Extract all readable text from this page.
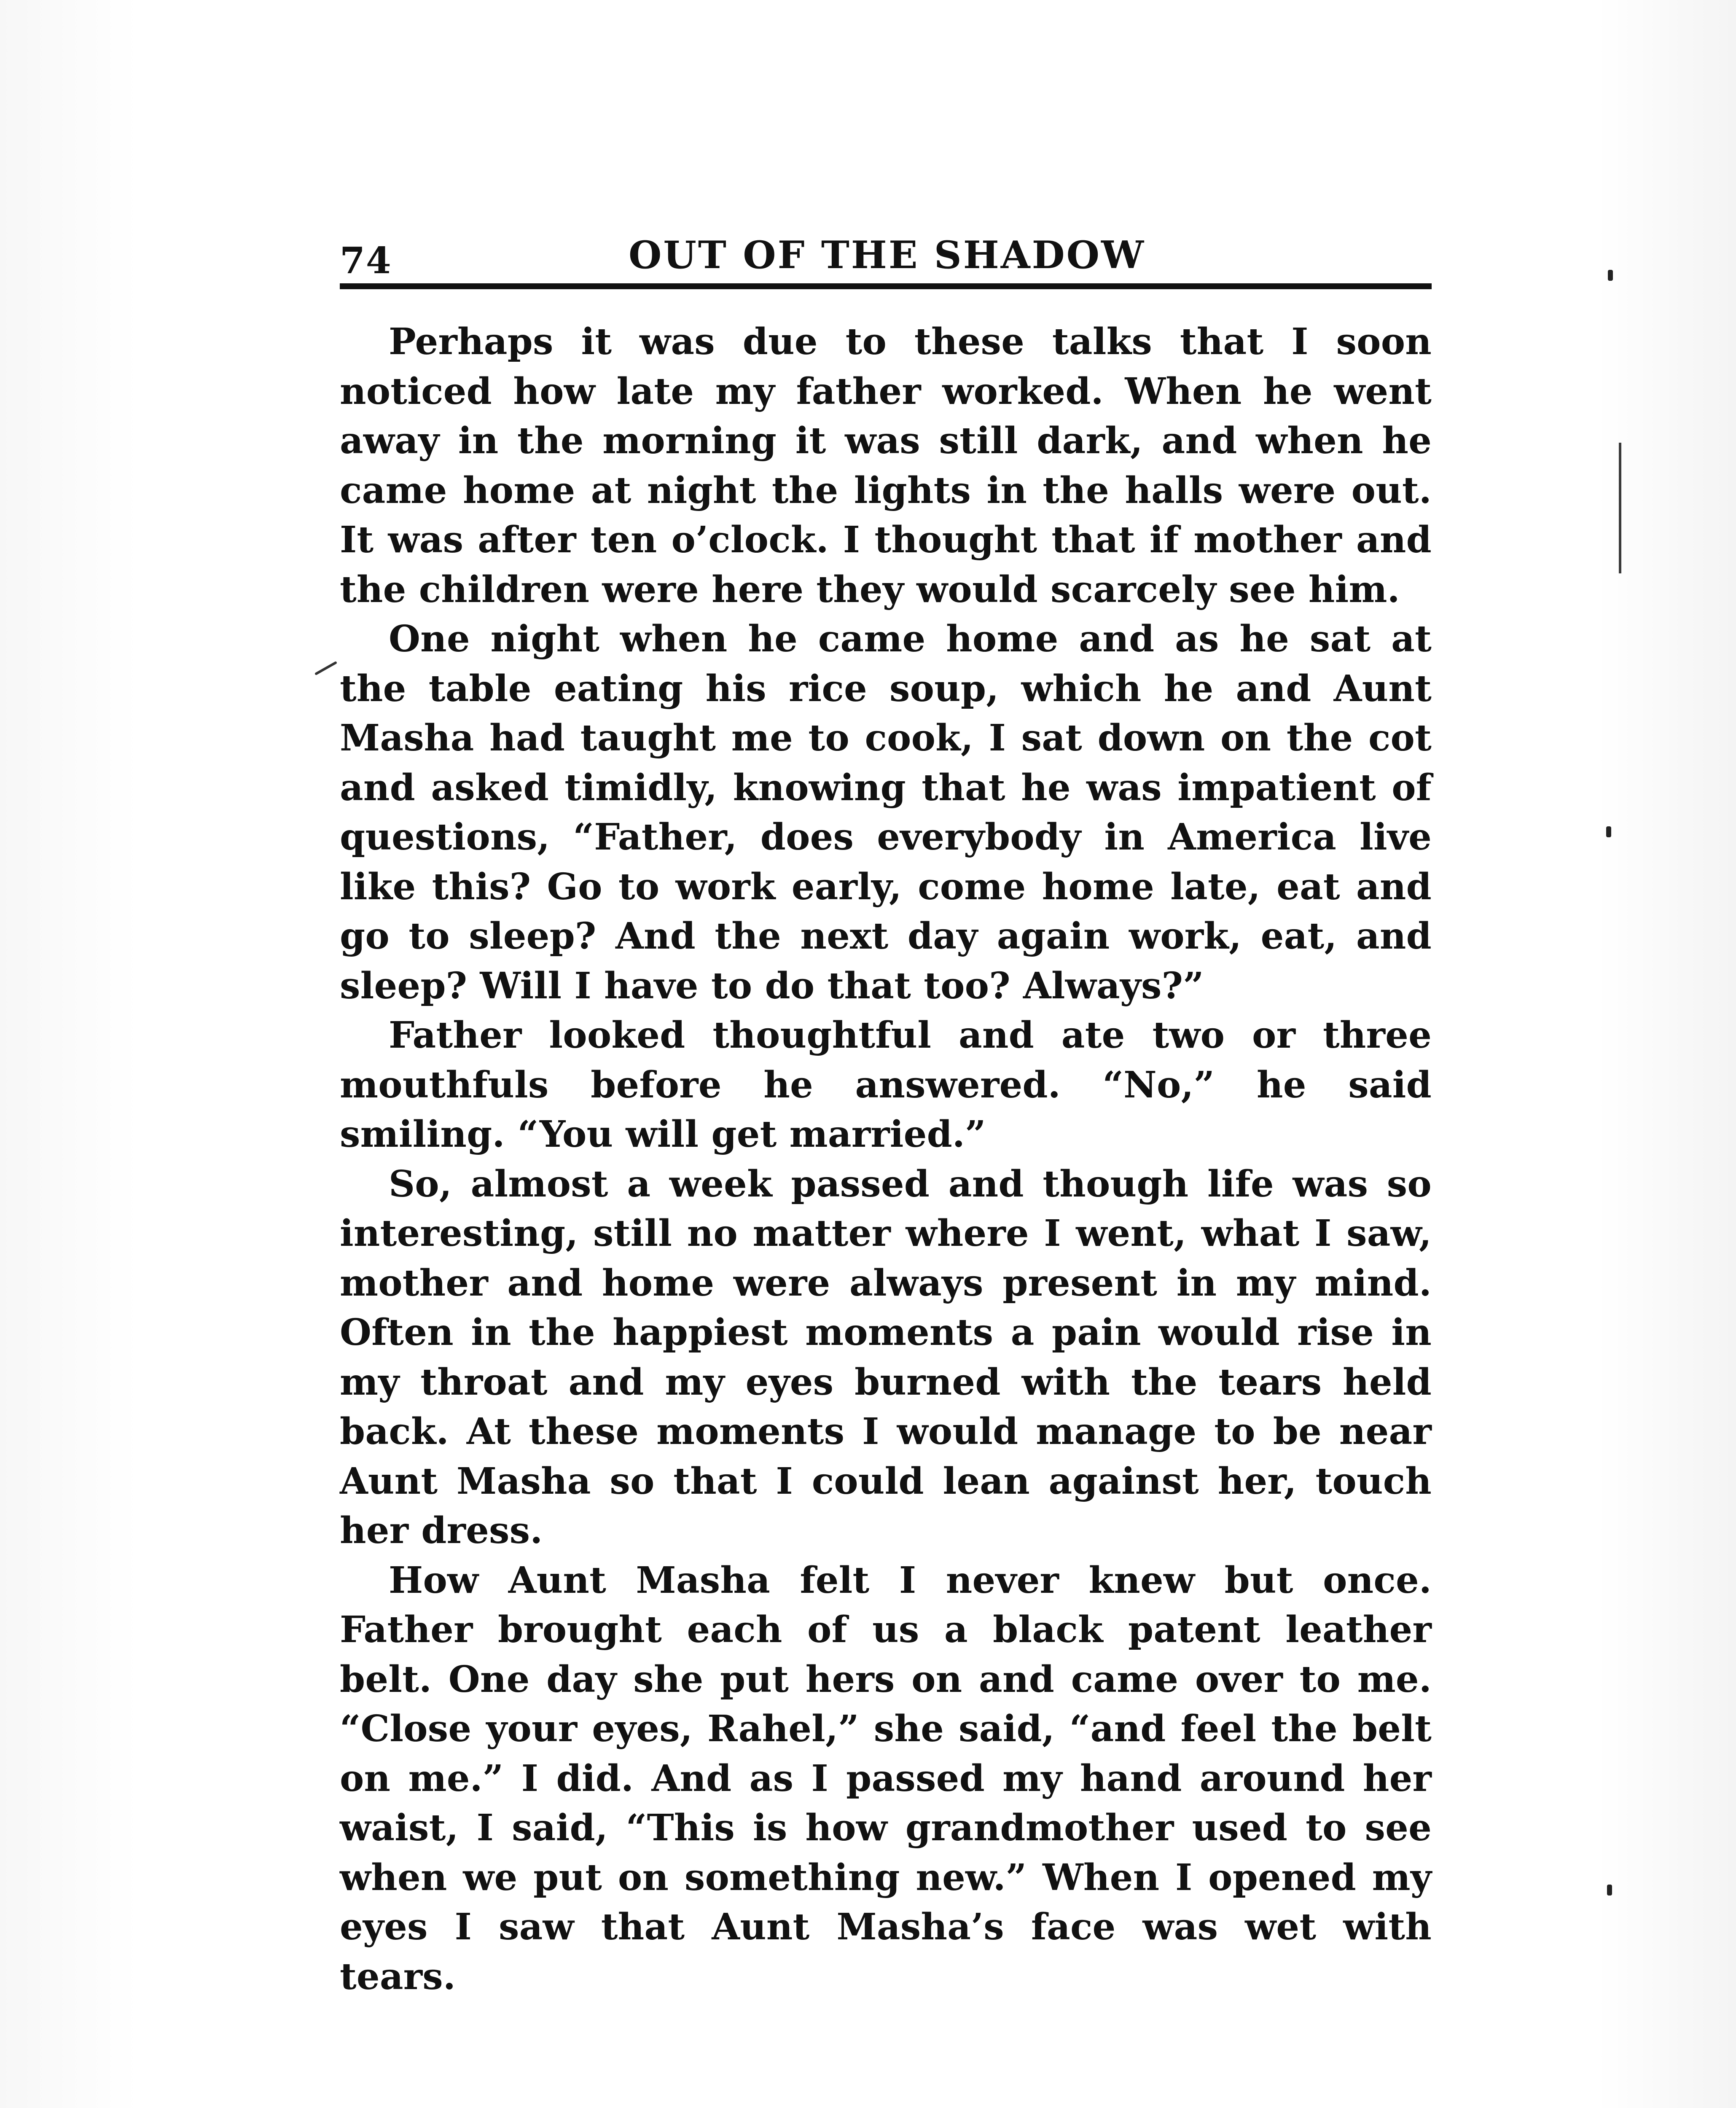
74	OUT OF THE SHADOW

Perhaps it was due to these talks that I soon noticed how late my father worked. When he went away in the morning it was still dark, and when he came home at night the lights in the halls were out. It was after ten o’clock. I thought that if mother and the children were here they would scarcely see him.

One night when he came home and as he sat at the table eating his rice soup, which he and Aunt Masha had taught me to cook, I sat down on the cot and asked timidly, knowing that he was impatient of questions, “Father, does everybody in America live like this? Go to work early, come home late, eat and go to sleep? And the next day again work, eat, and sleep? Will I have to do that too? Always?”

Father looked thoughtful and ate two or three mouthfuls before he answered. “No,” he said smiling. “You will get married.”

So, almost a week passed and though life was so interesting, still no matter where I went, what I saw, mother and home were always present in my mind. Often in the happiest moments a pain would rise in my throat and my eyes burned with the tears held back. At these moments I would manage to be near Aunt Masha so that I could lean against her, touch her dress.

How Aunt Masha felt I never knew but once. Father brought each of us a black patent leather belt. One day she put hers on and came over to me. “Close your eyes, Rahel,” she said, “and feel the belt on me.” I did. And as I passed my hand around her waist, I said, “This is how grandmother used to see when we put on something new.” When I opened my eyes I saw that Aunt Masha’s face was wet with tears.
